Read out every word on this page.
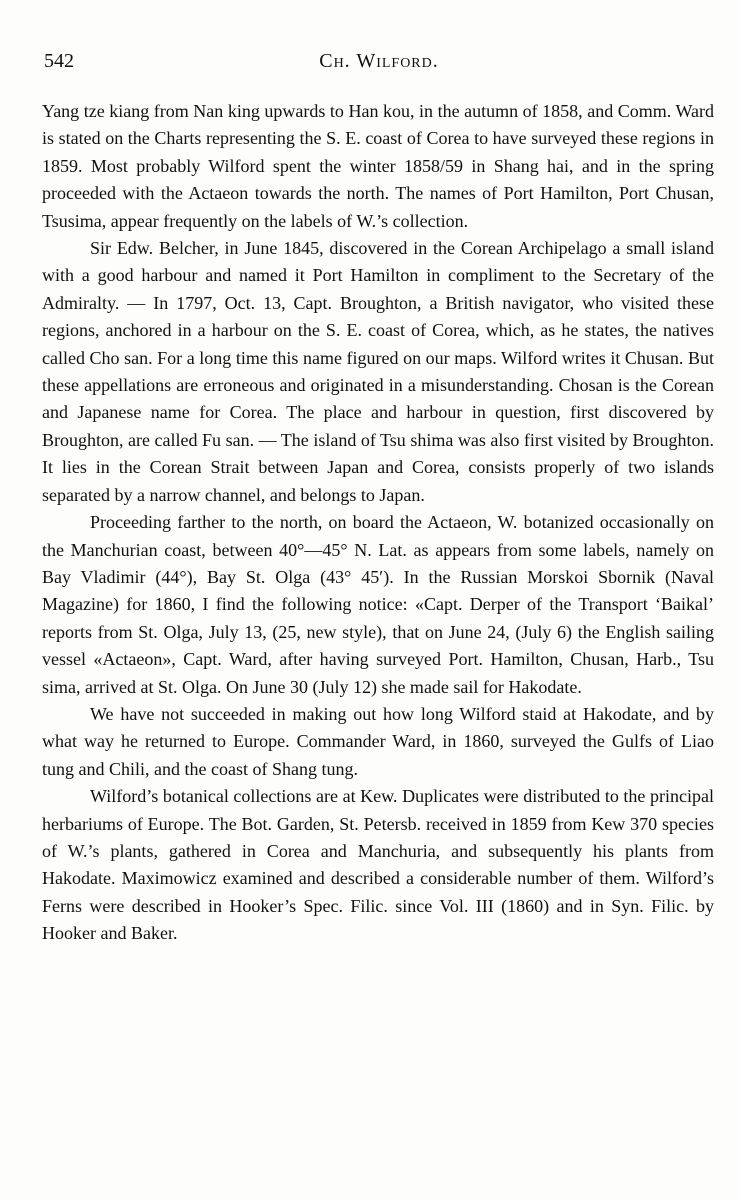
542	Ch. Wilford.

Yang tze kiang from Nan king upwards to Han kou, in the autumn of 1858, and Comm. Ward is stated on the Charts representing the S. E. coast of Corea to have surveyed these regions in 1859. Most probably Wilford spent the winter 1858/59 in Shang hai, and in the spring proceeded with the Actaeon towards the north. The names of Port Hamilton, Port Chusan, Tsusima, appear frequently on the labels of W.’s collection.

Sir Edw. Belcher, in June 1845, discovered in the Corean Archipelago a small island with a good harbour and named it Port Hamilton in compliment to the Secretary of the Admiralty. — In 1797, Oct. 13, Capt. Broughton, a British navigator, who visited these regions, anchored in a harbour on the S. E. coast of Corea, which, as he states, the natives called Cho san. For a long time this name figured on our maps. Wilford writes it Chusan. But these appellations are erroneous and originated in a misunderstanding. Chosan is the Corean and Japanese name for Corea. The place and harbour in question, first discovered by Broughton, are called Fu san. — The island of Tsu shima was also first visited by Broughton. It lies in the Corean Strait between Japan and Corea, consists properly of two islands separated by a narrow channel, and belongs to Japan.

Proceeding farther to the north, on board the Actaeon, W. botanized occasionally on the Manchurian coast, between 40°—45° N. Lat. as appears from some labels, namely on Bay Vladimir (44°), Bay St. Olga (43° 45′). In the Russian Morskoi Sbornik (Naval Magazine) for 1860, I find the following notice: «Capt. Derper of the Transport ‘Baikal’ reports from St. Olga, July 13, (25, new style), that on June 24, (July 6) the English sailing vessel «Actaeon», Capt. Ward, after having surveyed Port. Hamilton, Chusan, Harb., Tsu sima, arrived at St. Olga. On June 30 (July 12) she made sail for Hakodate.

We have not succeeded in making out how long Wilford staid at Hakodate, and by what way he returned to Europe. Commander Ward, in 1860, surveyed the Gulfs of Liao tung and Chili, and the coast of Shang tung.

Wilford’s botanical collections are at Kew. Duplicates were distributed to the principal herbariums of Europe. The Bot. Garden, St. Petersb. received in 1859 from Kew 370 species of W.’s plants, gathered in Corea and Manchuria, and subsequently his plants from Hakodate. Maximowicz examined and described a considerable number of them. Wilford’s Ferns were described in Hooker’s Spec. Filic. since Vol. III (1860) and in Syn. Filic. by Hooker and Baker.
